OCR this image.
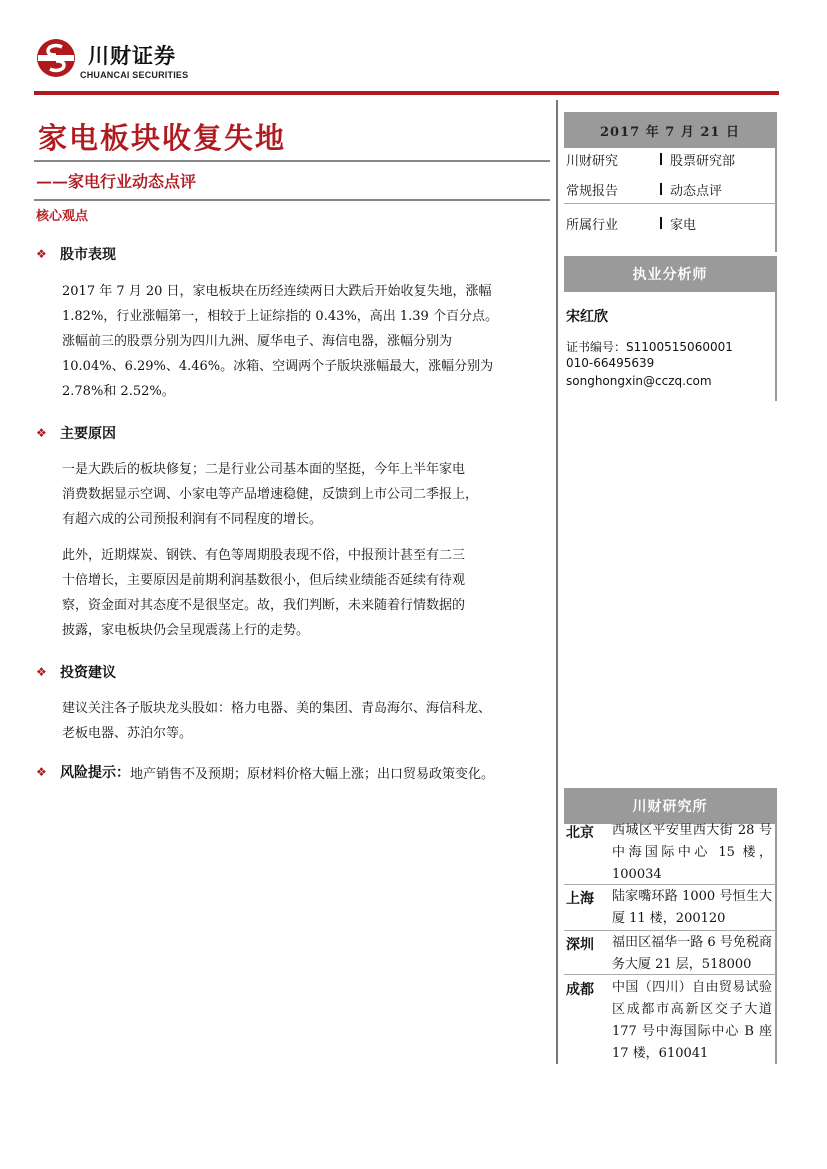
川财证券
CHUANCAI SECURITIES
家电板块收复失地
——家电行业动态点评
核心观点
❖ 股市表现
2017 年 7 月 20 日，家电板块在历经连续两日大跌后开始收复失地，涨幅
1.82%，行业涨幅第一，相较于上证综指的 0.43%，高出 1.39 个百分点。
涨幅前三的股票分别为四川九洲、厦华电子、海信电器，涨幅分别为
10.04%、6.29%、4.46%。冰箱、空调两个子版块涨幅最大，涨幅分别为
2.78%和 2.52%。
❖ 主要原因
一是大跌后的板块修复；二是行业公司基本面的坚挺，今年上半年家电
消费数据显示空调、小家电等产品增速稳健，反馈到上市公司二季报上，
有超六成的公司预报利润有不同程度的增长。
此外，近期煤炭、钢铁、有色等周期股表现不俗，中报预计甚至有二三
十倍增长，主要原因是前期利润基数很小，但后续业绩能否延续有待观
察，资金面对其态度不是很坚定。故，我们判断，未来随着行情数据的
披露，家电板块仍会呈现震荡上行的走势。
❖ 投资建议
建议关注各子版块龙头股如：格力电器、美的集团、青岛海尔、海信科龙、
老板电器、苏泊尔等。
❖ 风险提示： 地产销售不及预期；原材料价格大幅上涨；出口贸易政策变化。
2017 年 7 月 21 日
川财研究	股票研究部
常规报告	动态点评
所属行业	家电
执业分析师
宋红欣
证书编号：S1100515060001
010-66495639
songhongxin@cczq.com
川财研究所
北京 西城区平安里西大街 28 号中海国际中心 15 楼，100034
上海 陆家嘴环路 1000 号恒生大厦 11 楼，200120
深圳 福田区福华一路 6 号免税商务大厦 21 层，518000
成都 中国（四川）自由贸易试验区成都市高新区交子大道 177 号中海国际中心 B 座 17 楼，610041
